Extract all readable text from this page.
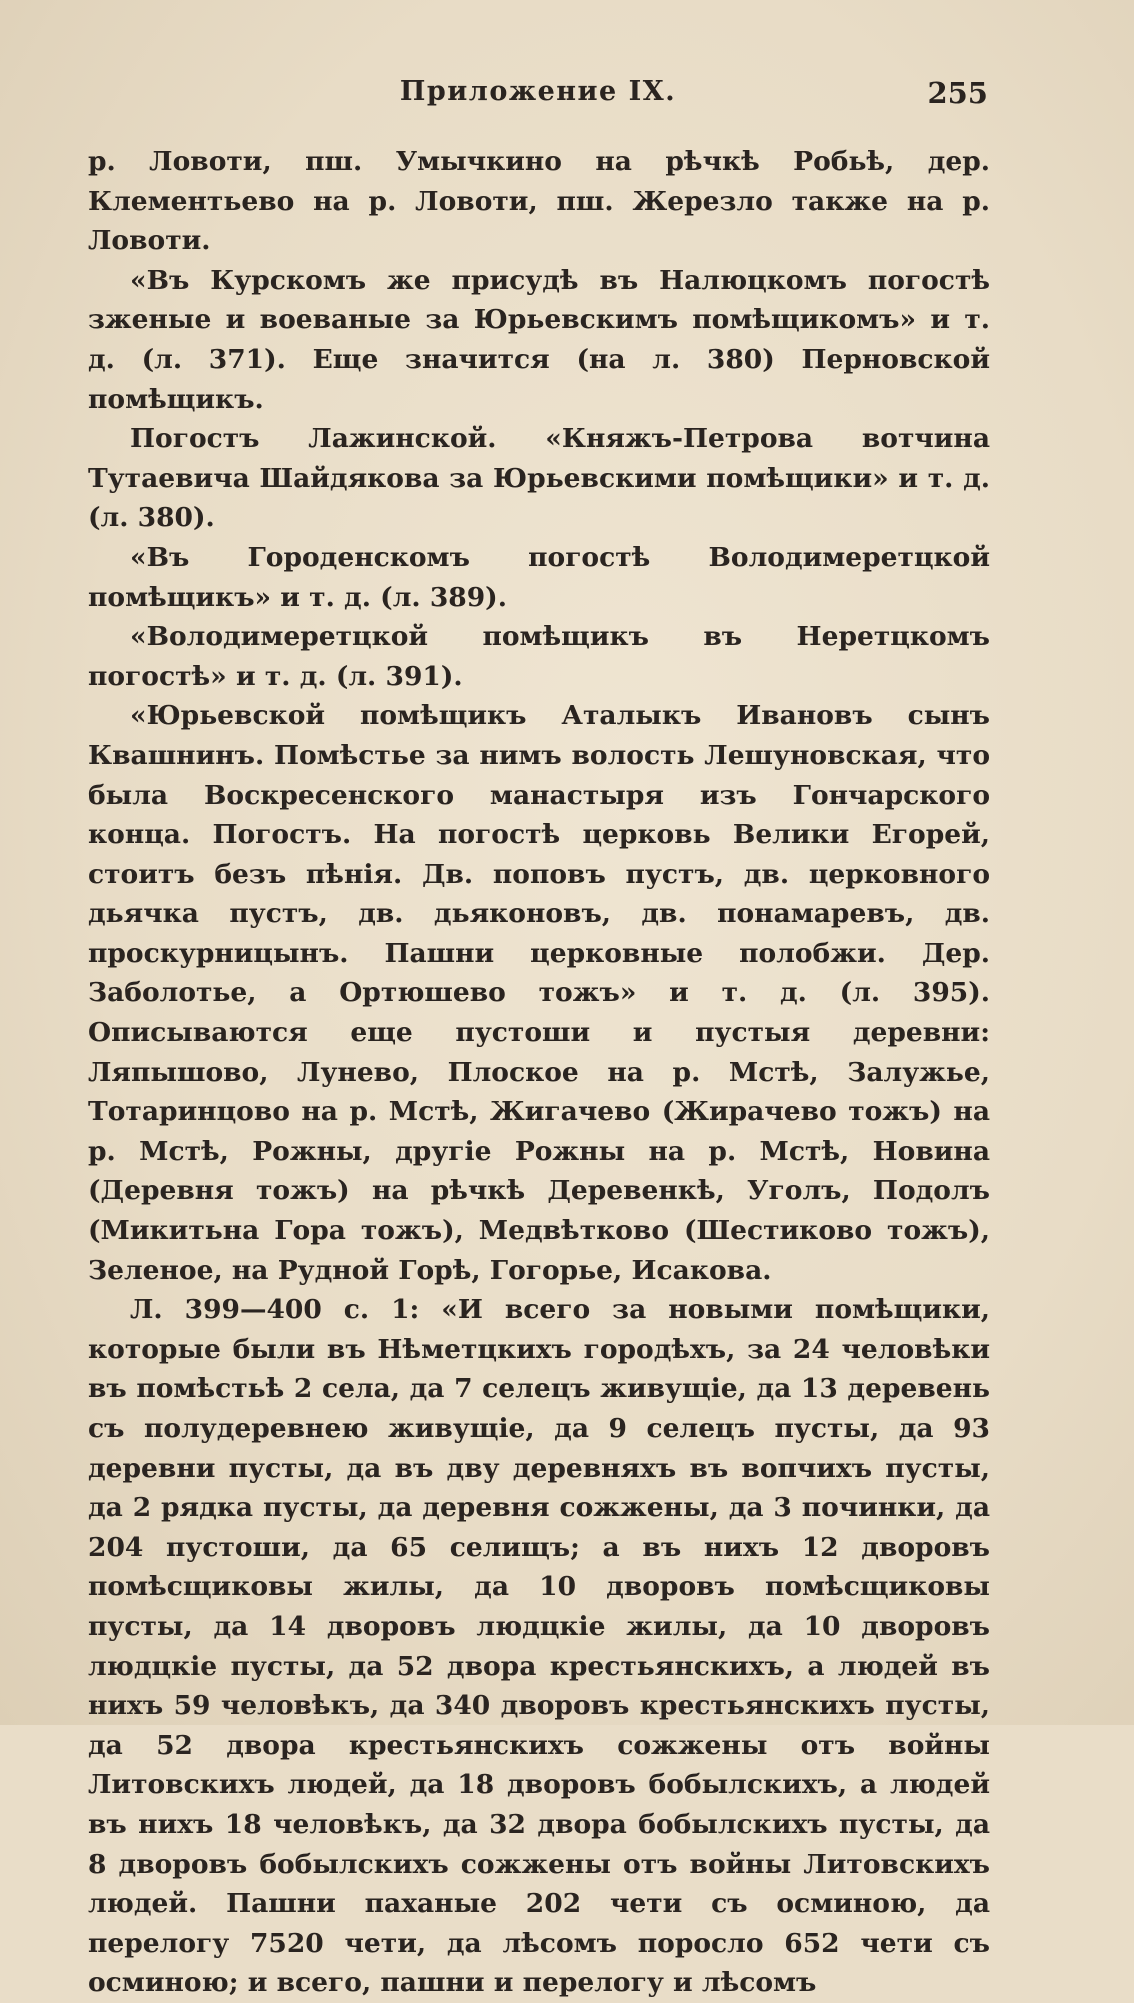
Приложение IX.	255

р. Ловоти, пш. Умычкино на рѣчкѣ Робьѣ, дер. Клементьево на р. Ловоти, пш. Жерезло также на р. Ловоти.

«Въ Курскомъ же присудѣ въ Налюцкомъ погостѣ зженые и воеваные за Юрьевскимъ помѣщикомъ» и т. д. (л. 371). Еще значится (на л. 380) Перновской помѣщикъ.

Погостъ Лажинской. «Княжъ-Петрова вотчина Тутаевича Шайдякова за Юрьевскими помѣщики» и т. д. (л. 380).

«Въ Городенскомъ погостѣ Володимеретцкой помѣщикъ» и т. д. (л. 389).

«Володимеретцкой помѣщикъ въ Неретцкомъ погостѣ» и т. д. (л. 391).

«Юрьевской помѣщикъ Аталыкъ Ивановъ сынъ Квашнинъ. Помѣстье за нимъ волость Лешуновская, что была Воскресенского манастыря изъ Гончарского конца. Погостъ. На погостѣ церковь Велики Егорей, стоитъ безъ пѣнія. Дв. поповъ пустъ, дв. церковного дьячка пустъ, дв. дьяконовъ, дв. понамаревъ, дв. проскурницынъ. Пашни церковные полобжи. Дер. Заболотье, а Ортюшево тожъ» и т. д. (л. 395). Описываются еще пустоши и пустыя деревни: Ляпышово, Лунево, Плоское на р. Мстѣ, Залужье, Тотаринцово на р. Мстѣ, Жигачево (Жирачево тожъ) на р. Мстѣ, Рожны, другіе Рожны на р. Мстѣ, Новина (Деревня тожъ) на рѣчкѣ Деревенкѣ, Уголъ, Подолъ (Микитьна Гора тожъ), Медвѣтково (Шестиково тожъ), Зеленое, на Рудной Горѣ, Гогорье, Исакова.

Л. 399—400 с. 1: «И всего за новыми помѣщики, которые были въ Нѣметцкихъ городѣхъ, за 24 человѣки въ помѣстьѣ 2 села, да 7 селецъ живущіе, да 13 деревень съ полудеревнею живущіе, да 9 селецъ пусты, да 93 деревни пусты, да въ дву деревняхъ въ вопчихъ пусты, да 2 рядка пусты, да деревня сожжены, да 3 починки, да 204 пустоши, да 65 селищъ; а въ нихъ 12 дворовъ помѣсщиковы жилы, да 10 дворовъ помѣсщиковы пусты, да 14 дворовъ людцкіе жилы, да 10 дворовъ людцкіе пусты, да 52 двора крестьянскихъ, а людей въ нихъ 59 человѣкъ, да 340 дворовъ крестьянскихъ пусты, да 52 двора крестьянскихъ сожжены отъ войны Литовскихъ людей, да 18 дворовъ бобылскихъ, а людей въ нихъ 18 человѣкъ, да 32 двора бобылскихъ пусты, да 8 дворовъ бобылскихъ сожжены отъ войны Литовскихъ людей. Пашни паханые 202 чети съ осминою, да перелогу 7520 чети, да лѣсомъ поросло 652 чети съ осминою; и всего, пашни и перелогу и лѣсомъ
